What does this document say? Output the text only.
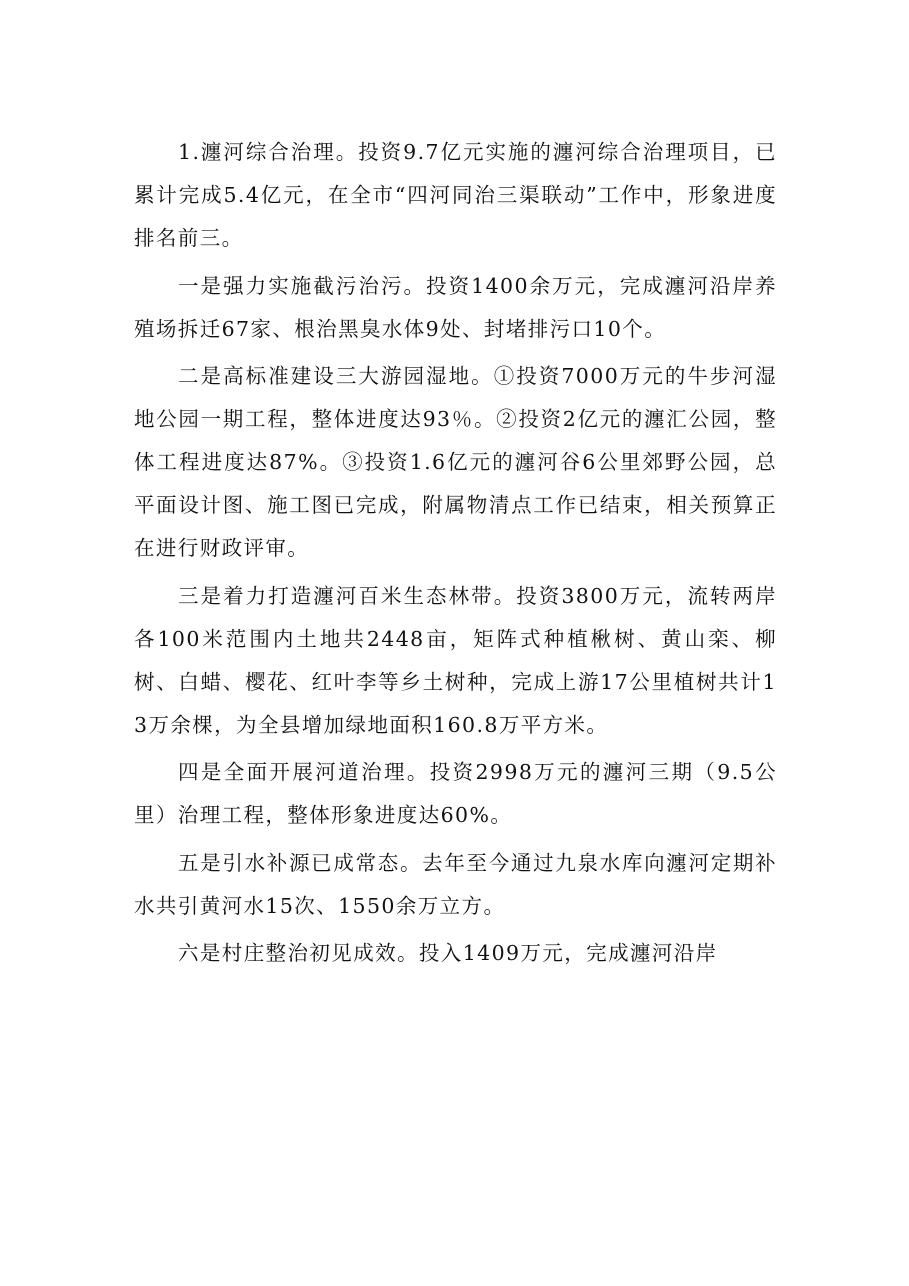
1.瀍河综合治理。投资9.7亿元实施的瀍河综合治理项目，已累计完成5.4亿元，在全市“四河同治三渠联动”工作中，形象进度排名前三。

一是强力实施截污治污。投资1400余万元，完成瀍河沿岸养殖场拆迁67家、根治黑臭水体9处、封堵排污口10个。

二是高标准建设三大游园湿地。①投资7000万元的牛步河湿地公园一期工程，整体进度达93％。②投资2亿元的瀍汇公园，整体工程进度达87%。③投资1.6亿元的瀍河谷6公里郊野公园，总平面设计图、施工图已完成，附属物清点工作已结束，相关预算正在进行财政评审。

三是着力打造瀍河百米生态林带。投资3800万元，流转两岸各100米范围内土地共2448亩，矩阵式种植楸树、黄山栾、柳树、白蜡、樱花、红叶李等乡土树种，完成上游17公里植树共计13万余棵，为全县增加绿地面积160.8万平方米。

四是全面开展河道治理。投资2998万元的瀍河三期（9.5公里）治理工程，整体形象进度达60%。

五是引水补源已成常态。去年至今通过九泉水库向瀍河定期补水共引黄河水15次、1550余万立方。

六是村庄整治初见成效。投入1409万元，完成瀍河沿岸
